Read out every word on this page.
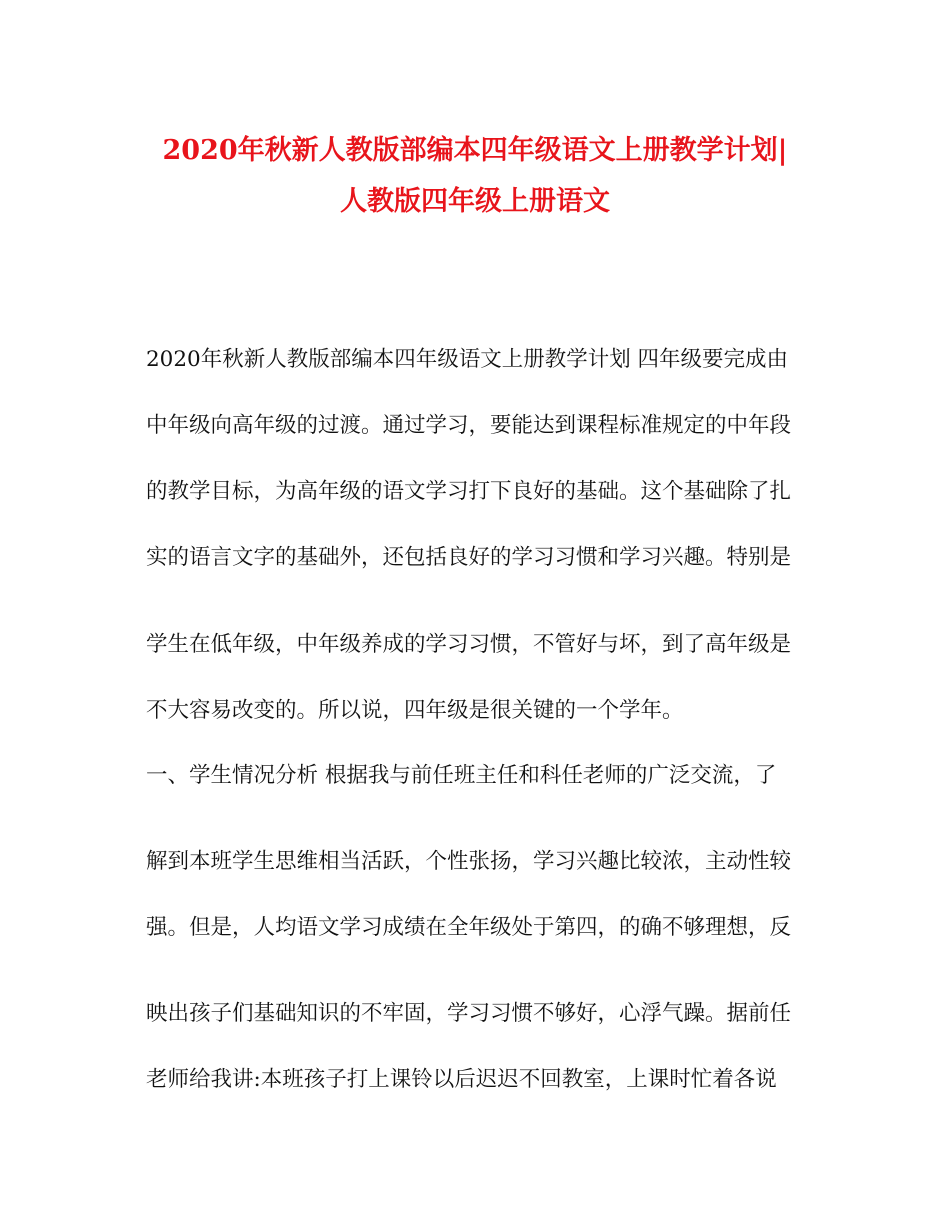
2020年秋新人教版部编本四年级语文上册教学计划|
人教版四年级上册语文

2020年秋新人教版部编本四年级语文上册教学计划 四年级要完成由

中年级向高年级的过渡。通过学习，要能达到课程标准规定的中年段

的教学目标，为高年级的语文学习打下良好的基础。这个基础除了扎

实的语言文字的基础外，还包括良好的学习习惯和学习兴趣。特别是

学生在低年级，中年级养成的学习习惯，不管好与坏，到了高年级是

不大容易改变的。所以说，四年级是很关键的一个学年。

一、学生情况分析 根据我与前任班主任和科任老师的广泛交流，了

解到本班学生思维相当活跃，个性张扬，学习兴趣比较浓，主动性较

强。但是，人均语文学习成绩在全年级处于第四，的确不够理想，反

映出孩子们基础知识的不牢固，学习习惯不够好，心浮气躁。据前任

老师给我讲:本班孩子打上课铃以后迟迟不回教室，上课时忙着各说
